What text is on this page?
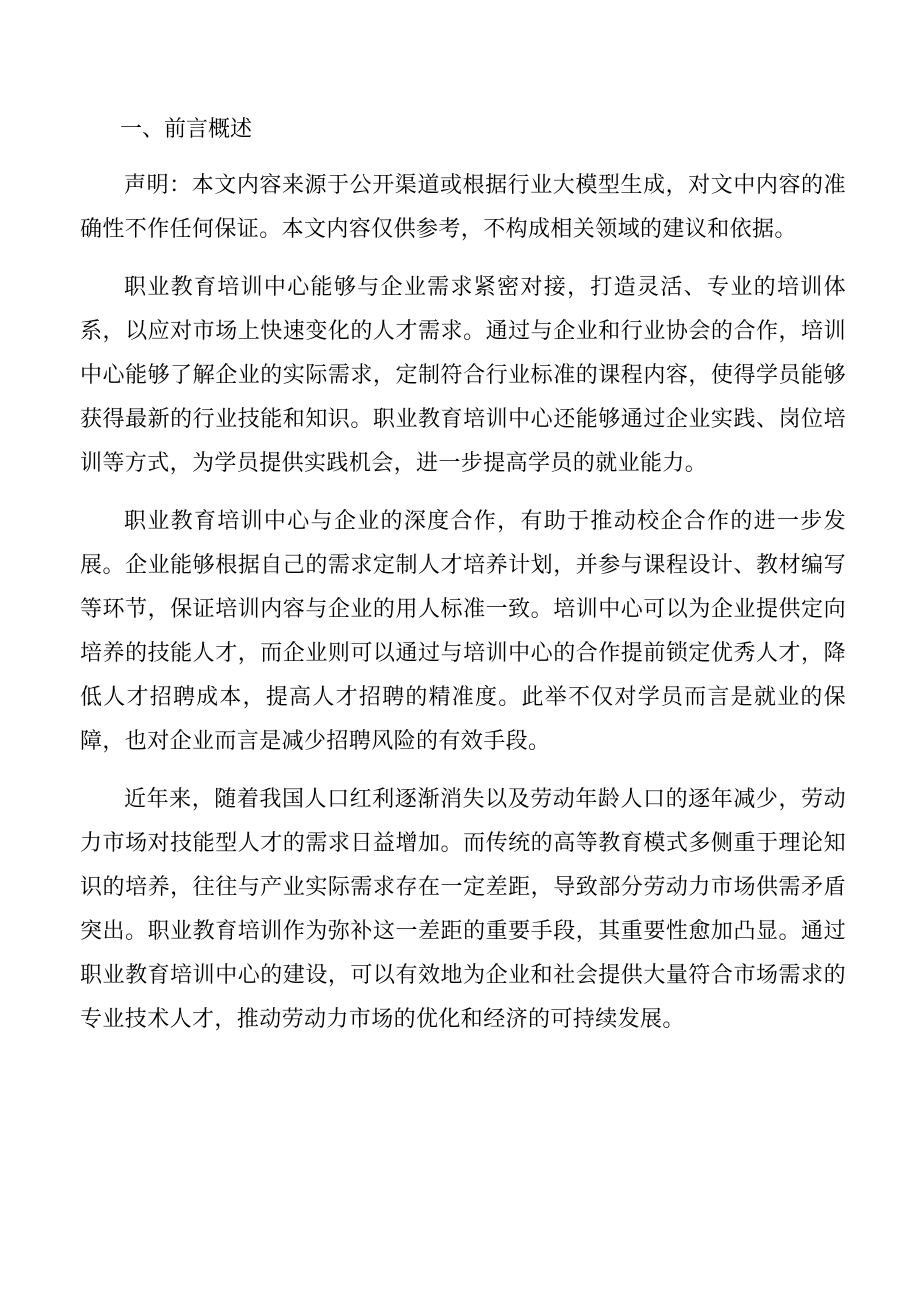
一、前言概述

声明：本文内容来源于公开渠道或根据行业大模型生成，对文中内容的准确性不作任何保证。本文内容仅供参考，不构成相关领域的建议和依据。

职业教育培训中心能够与企业需求紧密对接，打造灵活、专业的培训体系，以应对市场上快速变化的人才需求。通过与企业和行业协会的合作，培训中心能够了解企业的实际需求，定制符合行业标准的课程内容，使得学员能够获得最新的行业技能和知识。职业教育培训中心还能够通过企业实践、岗位培训等方式，为学员提供实践机会，进一步提高学员的就业能力。

职业教育培训中心与企业的深度合作，有助于推动校企合作的进一步发展。企业能够根据自己的需求定制人才培养计划，并参与课程设计、教材编写等环节，保证培训内容与企业的用人标准一致。培训中心可以为企业提供定向培养的技能人才，而企业则可以通过与培训中心的合作提前锁定优秀人才，降低人才招聘成本，提高人才招聘的精准度。此举不仅对学员而言是就业的保障，也对企业而言是减少招聘风险的有效手段。

近年来，随着我国人口红利逐渐消失以及劳动年龄人口的逐年减少，劳动力市场对技能型人才的需求日益增加。而传统的高等教育模式多侧重于理论知识的培养，往往与产业实际需求存在一定差距，导致部分劳动力市场供需矛盾突出。职业教育培训作为弥补这一差距的重要手段，其重要性愈加凸显。通过职业教育培训中心的建设，可以有效地为企业和社会提供大量符合市场需求的专业技术人才，推动劳动力市场的优化和经济的可持续发展。
